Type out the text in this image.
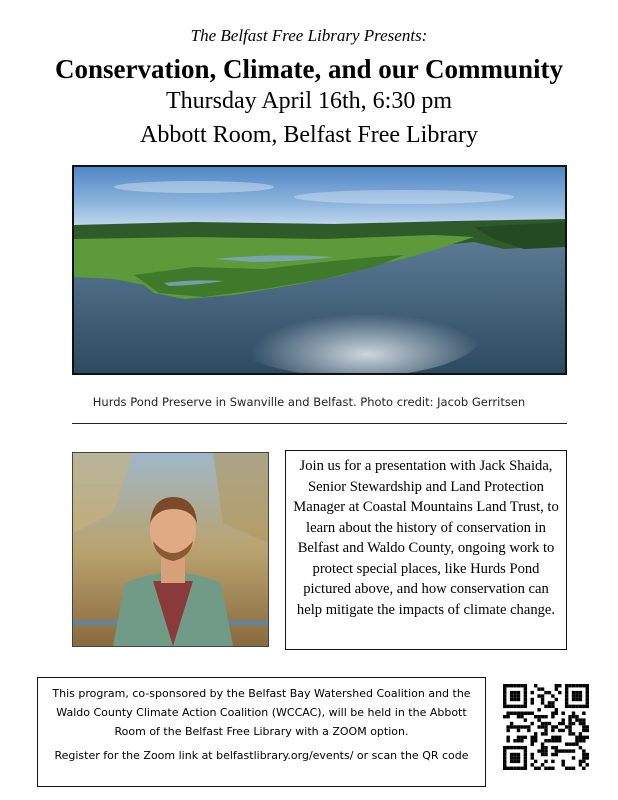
The Belfast Free Library Presents:
Conservation, Climate, and our Community
Thursday April 16th, 6:30 pm
Abbott Room, Belfast Free Library
Hurds Pond Preserve in Swanville and Belfast. Photo credit: Jacob Gerritsen
Join us for a presentation with Jack Shaida, Senior Stewardship and Land Protection Manager at Coastal Mountains Land Trust, to learn about the history of conservation in Belfast and Waldo County, ongoing work to protect special places, like Hurds Pond pictured above, and how conservation can help mitigate the impacts of climate change.

This program, co-sponsored by the Belfast Bay Watershed Coalition and the Waldo County Climate Action Coalition (WCCAC), will be held in the Abbott Room of the Belfast Free Library with a ZOOM option.

Register for the Zoom link at belfastlibrary.org/events/ or scan the QR code
